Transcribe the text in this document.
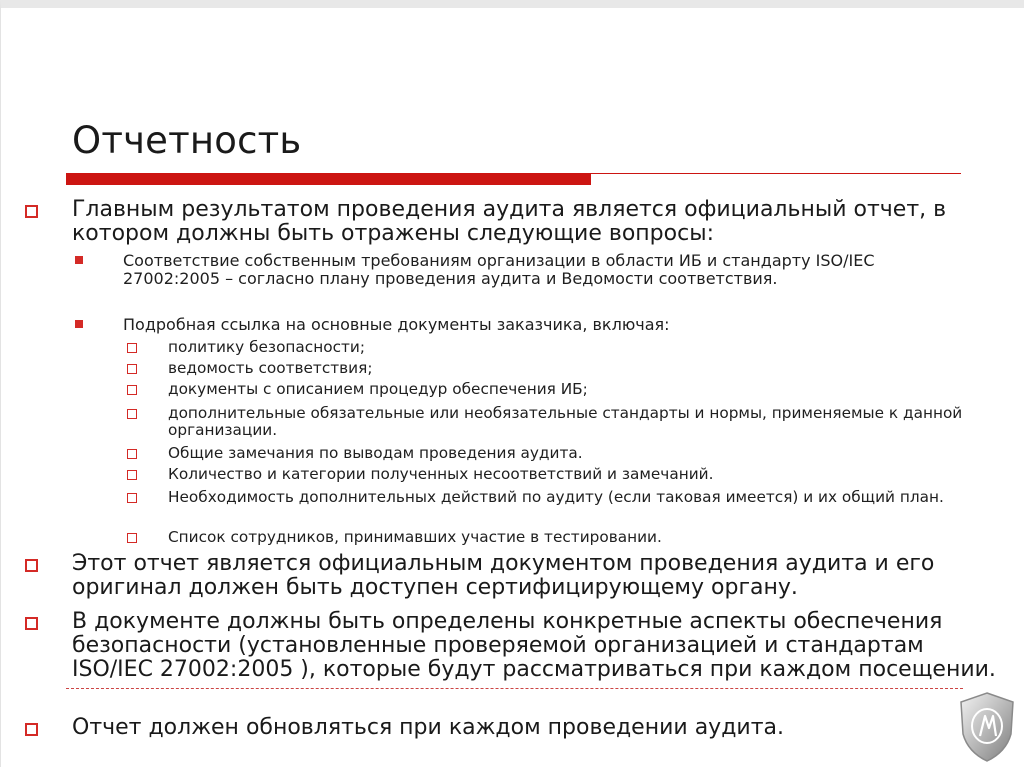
Отчетность
Главным результатом проведения аудита является официальный отчет, в котором должны быть отражены следующие вопросы:
Соответствие собственным требованиям организации в области ИБ и стандарту ISO/IEC 27002:2005 – согласно плану проведения аудита и Ведомости соответствия.
Подробная ссылка на основные документы заказчика, включая:
политику безопасности;
ведомость соответствия;
документы с описанием процедур обеспечения ИБ;
дополнительные обязательные или необязательные стандарты и нормы, применяемые к данной организации.
Общие замечания по выводам проведения аудита.
Количество и категории полученных несоответствий и замечаний.
Необходимость дополнительных действий по аудиту (если таковая имеется) и их общий план.
Список сотрудников, принимавших участие в тестировании.
Этот отчет является официальным документом проведения аудита и его оригинал должен быть доступен сертифицирующему органу.
В документе должны быть определены конкретные аспекты обеспечения безопасности (установленные проверяемой организацией и стандартам ISO/IEC 27002:2005 ), которые будут рассматриваться при каждом посещении.
Отчет должен обновляться при каждом проведении аудита.
